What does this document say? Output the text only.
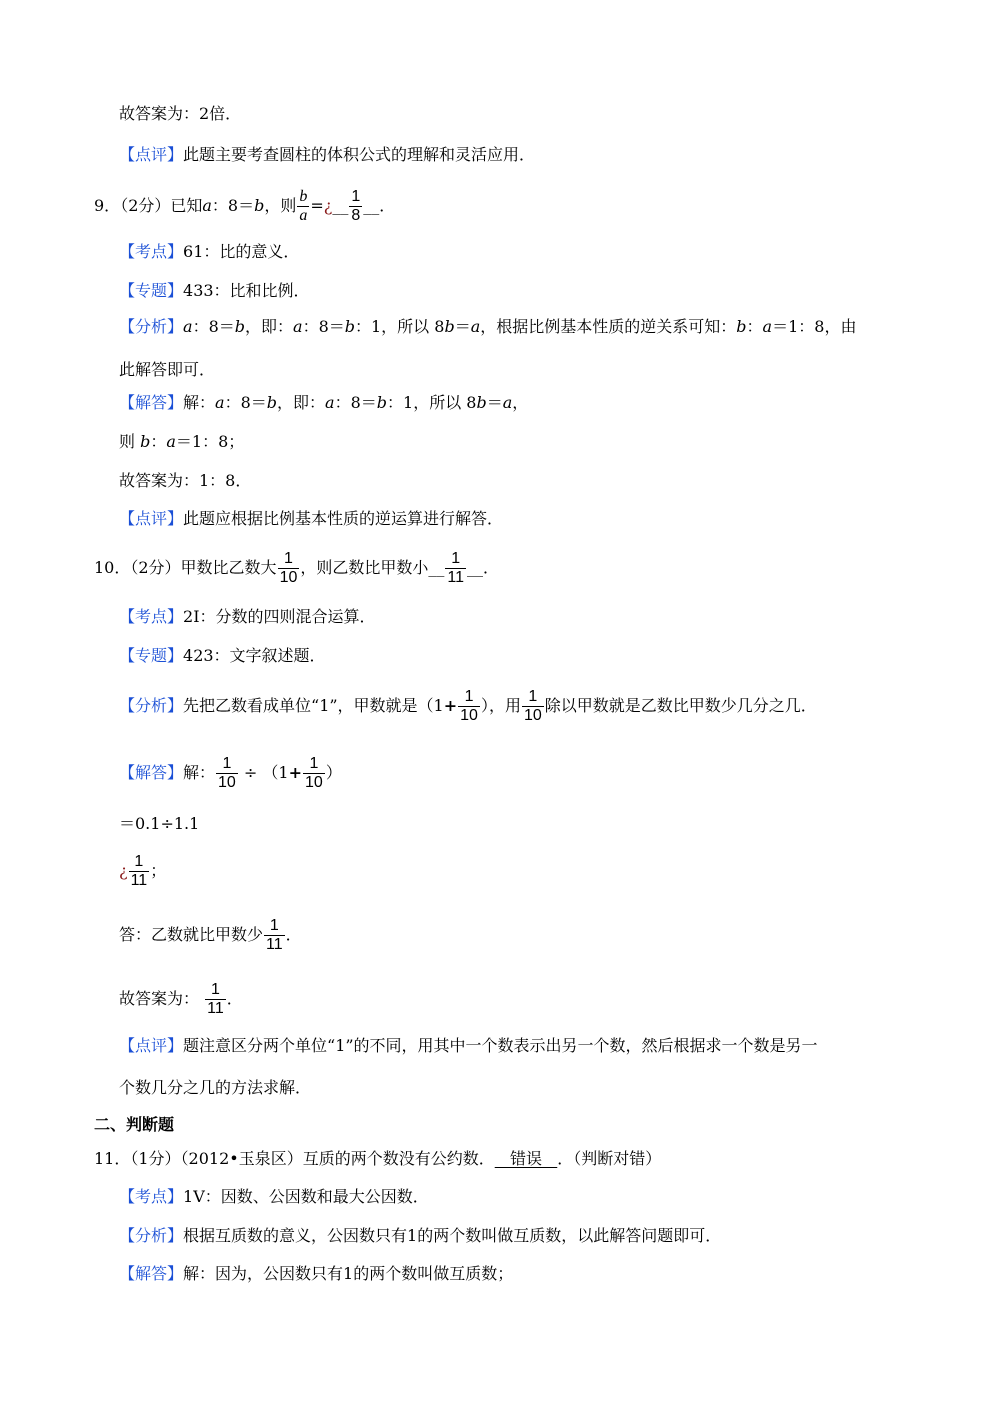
故答案为：2倍．
【点评】此题主要考查圆柱的体积公式的理解和灵活应用．
9．（2分）已知a：8＝b，则 $\frac{b}{a}$ =¿__ $\frac{1}{8}$ __．
【考点】61：比的意义．
【专题】433：比和比例．
【分析】a：8＝b，即：a：8＝b：1，所以 8b＝a，根据比例基本性质的逆关系可知：b：a＝1：8，由
此解答即可．
【解答】解：a：8＝b，即：a：8＝b：1，所以 8b＝a，
则 b：a＝1：8；
故答案为：1：8．
【点评】此题应根据比例基本性质的逆运算进行解答．
10．（2分）甲数比乙数大 $\frac{1}{10}$ ，则乙数比甲数小__ $\frac{1}{11}$ __．
【考点】2I：分数的四则混合运算．
【专题】423：文字叙述题．
【分析】先把乙数看成单位“1”，甲数就是（$1+ \frac{1}{10}$ ），用 $\frac{1}{10}$ 除以甲数就是乙数比甲数少几分之几．
【解答】解： $\frac{1}{10} \div (1+ \frac{1}{10}$ ）
＝0.1÷1.1
¿ $\frac{1}{11}$ ；
答：乙数就比甲数少 $\frac{1}{11}$ ．
故答案为： $\frac{1}{11}$ ．
【点评】题注意区分两个单位“1”的不同，用其中一个数表示出另一个数，然后根据求一个数是另一
个数几分之几的方法求解．
二、判断题
11．（1分）（2012•玉泉区）互质的两个数没有公约数．   错误   ．（判断对错）
【考点】1V：因数、公因数和最大公因数．
【分析】根据互质数的意义，公因数只有1的两个数叫做互质数，以此解答问题即可．
【解答】解：因为，公因数只有1的两个数叫做互质数；
